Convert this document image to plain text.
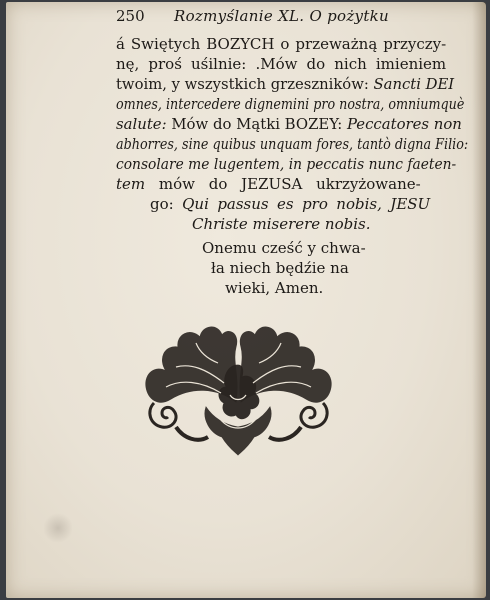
250 Rozmyślanie XL. O pożytku
á Swiętych BOZYCH o przeważną przyczy-
nę, proś uśilnie: .Mów do nich imieniem
twoim, y wszystkich grzeszników: Sancti DEI
omnes, intercedere dignemini pro nostra, omniumquè
salute: Mów do Mątki BOZEY: Peccatores non
abhorres, sine quibus unquam fores, tantò digna Filio:
consolare me lugentem, in peccatis nunc faeten-
tem mów do JEZUSA ukrzyżowane-
go: Qui passus es pro nobis, JESU
Christe miserere nobis.
Onemu cześć y chwa-
ła niech będźie na
wieki, Amen.
